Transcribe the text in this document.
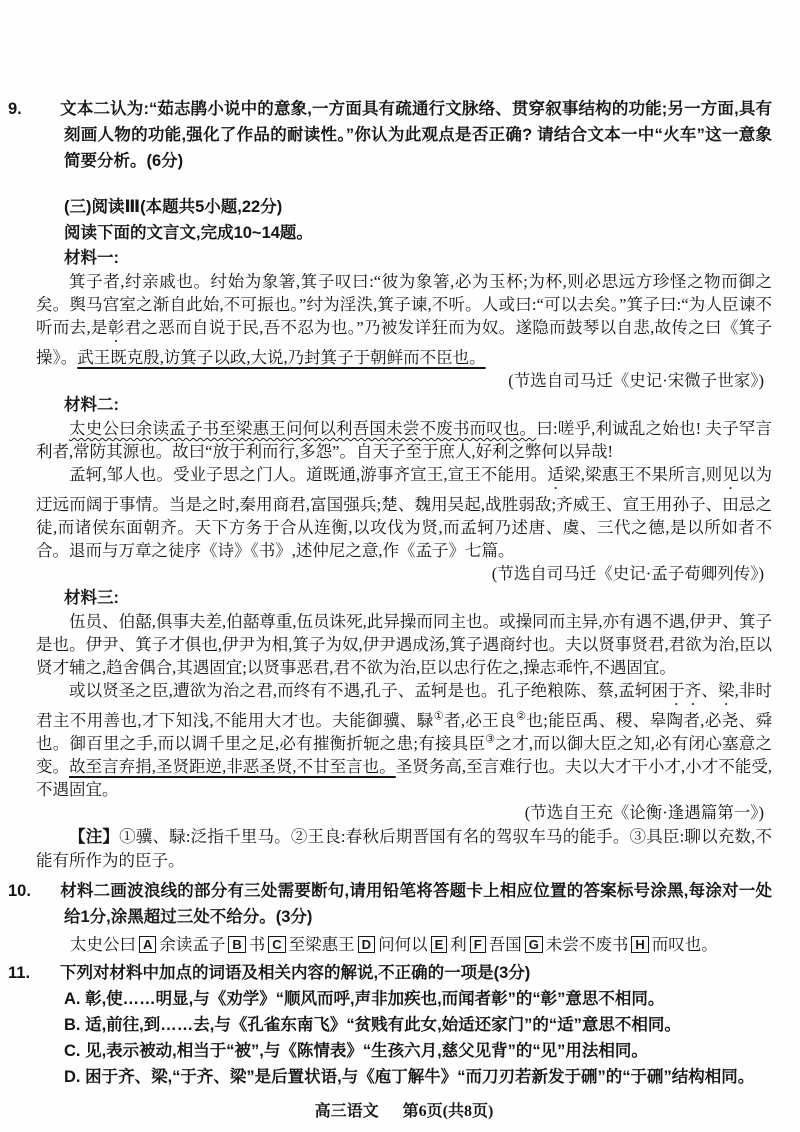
9. 文本二认为:“茹志鹃小说中的意象,一方面具有疏通行文脉络、贯穿叙事结构的功能;另一方面,具有刻画人物的功能,强化了作品的耐读性。”你认为此观点是否正确? 请结合文本一中“火车”这一意象简要分析。(6分)
(三)阅读Ⅲ(本题共5小题,22分)
阅读下面的文言文,完成10~14题。
材料一:
箕子者,纣亲戚也。纣始为象箸,箕子叹曰:“彼为象箸,必为玉杯;为杯,则必思远方珍怪之物而御之矣。舆马宫室之渐自此始,不可振也。”纣为淫泆,箕子谏,不听。人或曰:“可以去矣。”箕子曰:“为人臣谏不听而去,是彰君之恶而自说于民,吾不忍为也。”乃被发详狂而为奴。遂隐而鼓琴以自悲,故传之曰《箕子操》。武王既克殷,访箕子以政,大说,乃封箕子于朝鲜而不臣也。
(节选自司马迁《史记·宋微子世家》)
材料二:
太史公曰余读孟子书至梁惠王问何以利吾国未尝不废书而叹也。曰:嗟乎,利诚乱之始也! 夫子罕言利者,常防其源也。故曰“放于利而行,多怨”。自天子至于庶人,好利之弊何以异哉!
孟轲,邹人也。受业子思之门人。道既通,游事齐宣王,宣王不能用。适梁,梁惠王不果所言,则见以为迂远而阔于事情。当是之时,秦用商君,富国强兵;楚、魏用吴起,战胜弱敌;齐威王、宣王用孙子、田忌之徒,而诸侯东面朝齐。天下方务于合从连衡,以攻伐为贤,而孟轲乃述唐、虞、三代之德,是以所如者不合。退而与万章之徒序《诗》《书》,述仲尼之意,作《孟子》七篇。
(节选自司马迁《史记·孟子荀卿列传》)
材料三:
伍员、伯嚭,俱事夫差,伯嚭尊重,伍员诛死,此异操而同主也。或操同而主异,亦有遇不遇,伊尹、箕子是也。伊尹、箕子才俱也,伊尹为相,箕子为奴,伊尹遇成汤,箕子遇商纣也。夫以贤事贤君,君欲为治,臣以贤才辅之,趋舍偶合,其遇固宜;以贤事恶君,君不欲为治,臣以忠行佐之,操志乖忤,不遇固宜。
或以贤圣之臣,遭欲为治之君,而终有不遇,孔子、孟轲是也。孔子绝粮陈、蔡,孟轲困于齐、梁,非时君主不用善也,才下知浅,不能用大才也。夫能御骥、騄①者,必王良②也;能臣禹、稷、皋陶者,必尧、舜也。御百里之手,而以调千里之足,必有摧衡折轭之患;有接具臣③之才,而以御大臣之知,必有闭心塞意之变。故至言弃捐,圣贤距逆,非恶圣贤,不甘至言也。圣贤务高,至言难行也。夫以大才干小才,小才不能受,不遇固宜。
(节选自王充《论衡·逢遇篇第一》)
【注】①骥、騄:泛指千里马。②王良:春秋后期晋国有名的驾驭车马的能手。③具臣:聊以充数,不能有所作为的臣子。
10. 材料二画波浪线的部分有三处需要断句,请用铅笔将答题卡上相应位置的答案标号涂黑,每涂对一处给1分,涂黑超过三处不给分。(3分)
太史公曰 A 余读孟子 B 书 C 至梁惠王 D 问何以 E 利 F 吾国 G 未尝不废书 H 而叹也。
11. 下列对材料中加点的词语及相关内容的解说,不正确的一项是(3分)
A. 彰,使……明显,与《劝学》“顺风而呼,声非加疾也,而闻者彰”的“彰”意思不相同。
B. 适,前往,到……去,与《孔雀东南飞》“贫贱有此女,始适还家门”的“适”意思不相同。
C. 见,表示被动,相当于“被”,与《陈情表》“生孩六月,慈父见背”的“见”用法相同。
D. 困于齐、梁,“于齐、梁”是后置状语,与《庖丁解牛》“而刀刃若新发于硎”的“于硎”结构相同。
高三语文 第6页(共8页)
